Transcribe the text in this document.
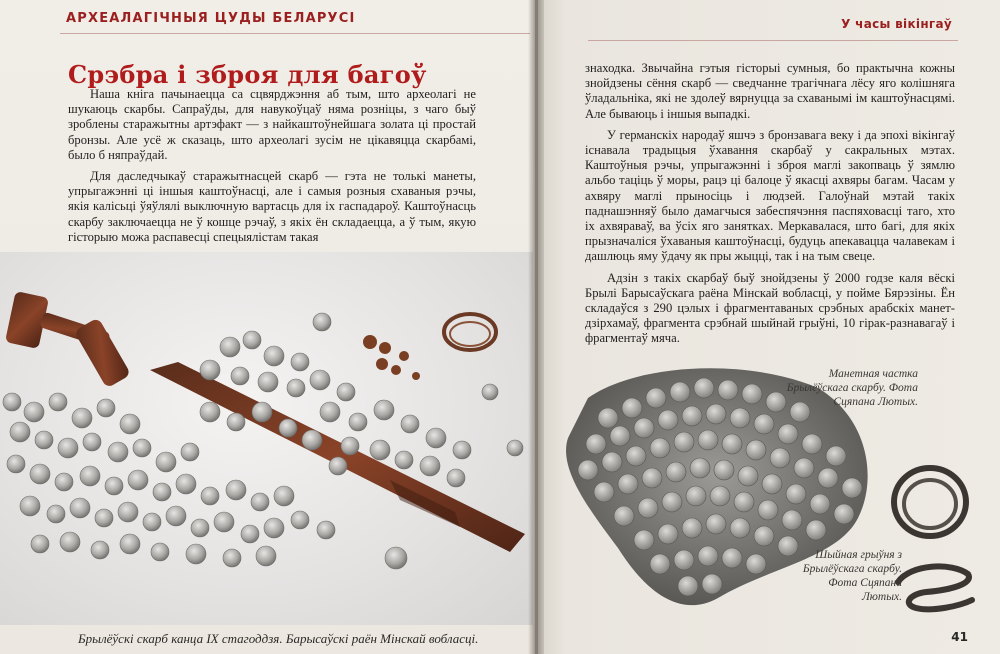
АРХЕАЛАГІЧНЫЯ ЦУДЫ БЕЛАРУСІ	У часы вікінгаў
Срэбра і зброя для багоў

Наша кніга пачынаецца са сцвярджэння аб тым, што археолагі не шукаюць скарбы. Сапраўды, для навукоўцаў няма розніцы, з чаго быў зроблены старажытны артэфакт — з найкаштоўнейшага золата ці простай бронзы. Але усё ж сказаць, што археолагі зусім не цікавяцца скарбамі, было б няпраўдай.

Для даследчыкаў старажытнасцей скарб — гэта не толькі манеты, упрыгажэнні ці іншыя каштоўнасці, але і самыя розныя схаваныя рэчы, якія калісьці ўяўлялі выключную вартасць для іх гаспадароў. Каштоўнасць скарбу заключаецца не ў кошце рэчаў, з якіх ён складаецца, а ў тым, якую гісторыю можа распавесці спецыялістам такая

знаходка. Звычайна гэтыя гісторыі сумныя, бо практычна кожны знойдзены сёння скарб — сведчанне трагічнага лёсу яго колішняга ўладальніка, які не здолеў вярнуцца за схаванымі ім каштоўнасцямі. Але бываюць і іншыя выпадкі.

У германскіх народаў яшчэ з бронзавага веку і да эпохі вікінгаў існавала традыцыя ўхавання скарбаў у сакральных мэтах. Каштоўныя рэчы, упрыгажэнні і зброя маглі закопваць ў зямлю альбо таціць ў моры, рацэ ці балоце ў якасці ахвяры багам. Часам у ахвяру маглі прыносіць і людзей. Галоўнай мэтай такіх паднашэнняў было дамагчыся забеспячэння паспяховасці таго, хто іх ахвяраваў, ва ўсіх яго занятках. Меркавалася, што багі, для якіх прызначаліся ўхаваныя каштоўнасці, будуць апекавацца чалавекам і дашлюць яму ўдачу як пры жыцці, так і на тым свеце.

Адзін з такіх скарбаў быў знойдзены ў 2000 годзе каля вёскі Брылі Барысаўскага раёна Мінскай вобласці, у поймe Бярэзіны. Ён складаўся з 290 цэлых і фрагментаваных срэбных арабскіх манет-дзірхамаў, фрагмента срэбнай шыйнай грыўні, 10 гірак-разнавагаў і фрагментаў мяча.

Манетная частка Брылёўскага скарбу. Фота Сцяпана Лютых.
Шыйная грыўня з Брылёўскага скарбу. Фота Сцяпана Лютых.
Брылёўскі скарб канца IX стагоддзя. Барысаўскі раён Мінскай вобласці.	41
